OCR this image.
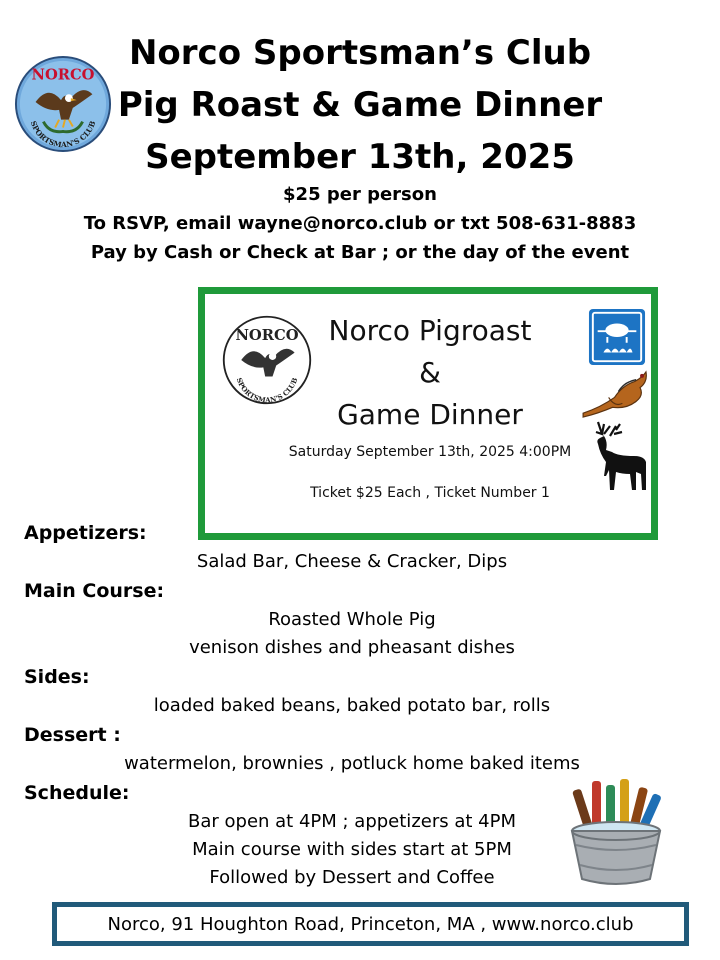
NORCO
SPORTSMAN'S CLUB
Norco Sportsman’s Club
Pig Roast & Game Dinner
September 13th, 2025
$25 per person
To RSVP, email wayne@norco.club or txt 508-631-8883
Pay by Cash or Check at Bar ; or the day of the event
NORCO
SPORTSMAN'S CLUB
Norco Pigroast
&
Game Dinner
Saturday September 13th, 2025 4:00PM
Ticket $25 Each , Ticket Number 1
Appetizers:
Salad Bar, Cheese & Cracker, Dips
Main Course:
Roasted Whole Pig
venison dishes and pheasant dishes
Sides:
loaded baked beans, baked potato bar, rolls
Dessert :
watermelon, brownies , potluck home baked items
Schedule:
Bar open at 4PM ; appetizers at 4PM
Main course with sides start at 5PM
Followed by Dessert and Coffee
Norco, 91 Houghton Road, Princeton, MA , www.norco.club
